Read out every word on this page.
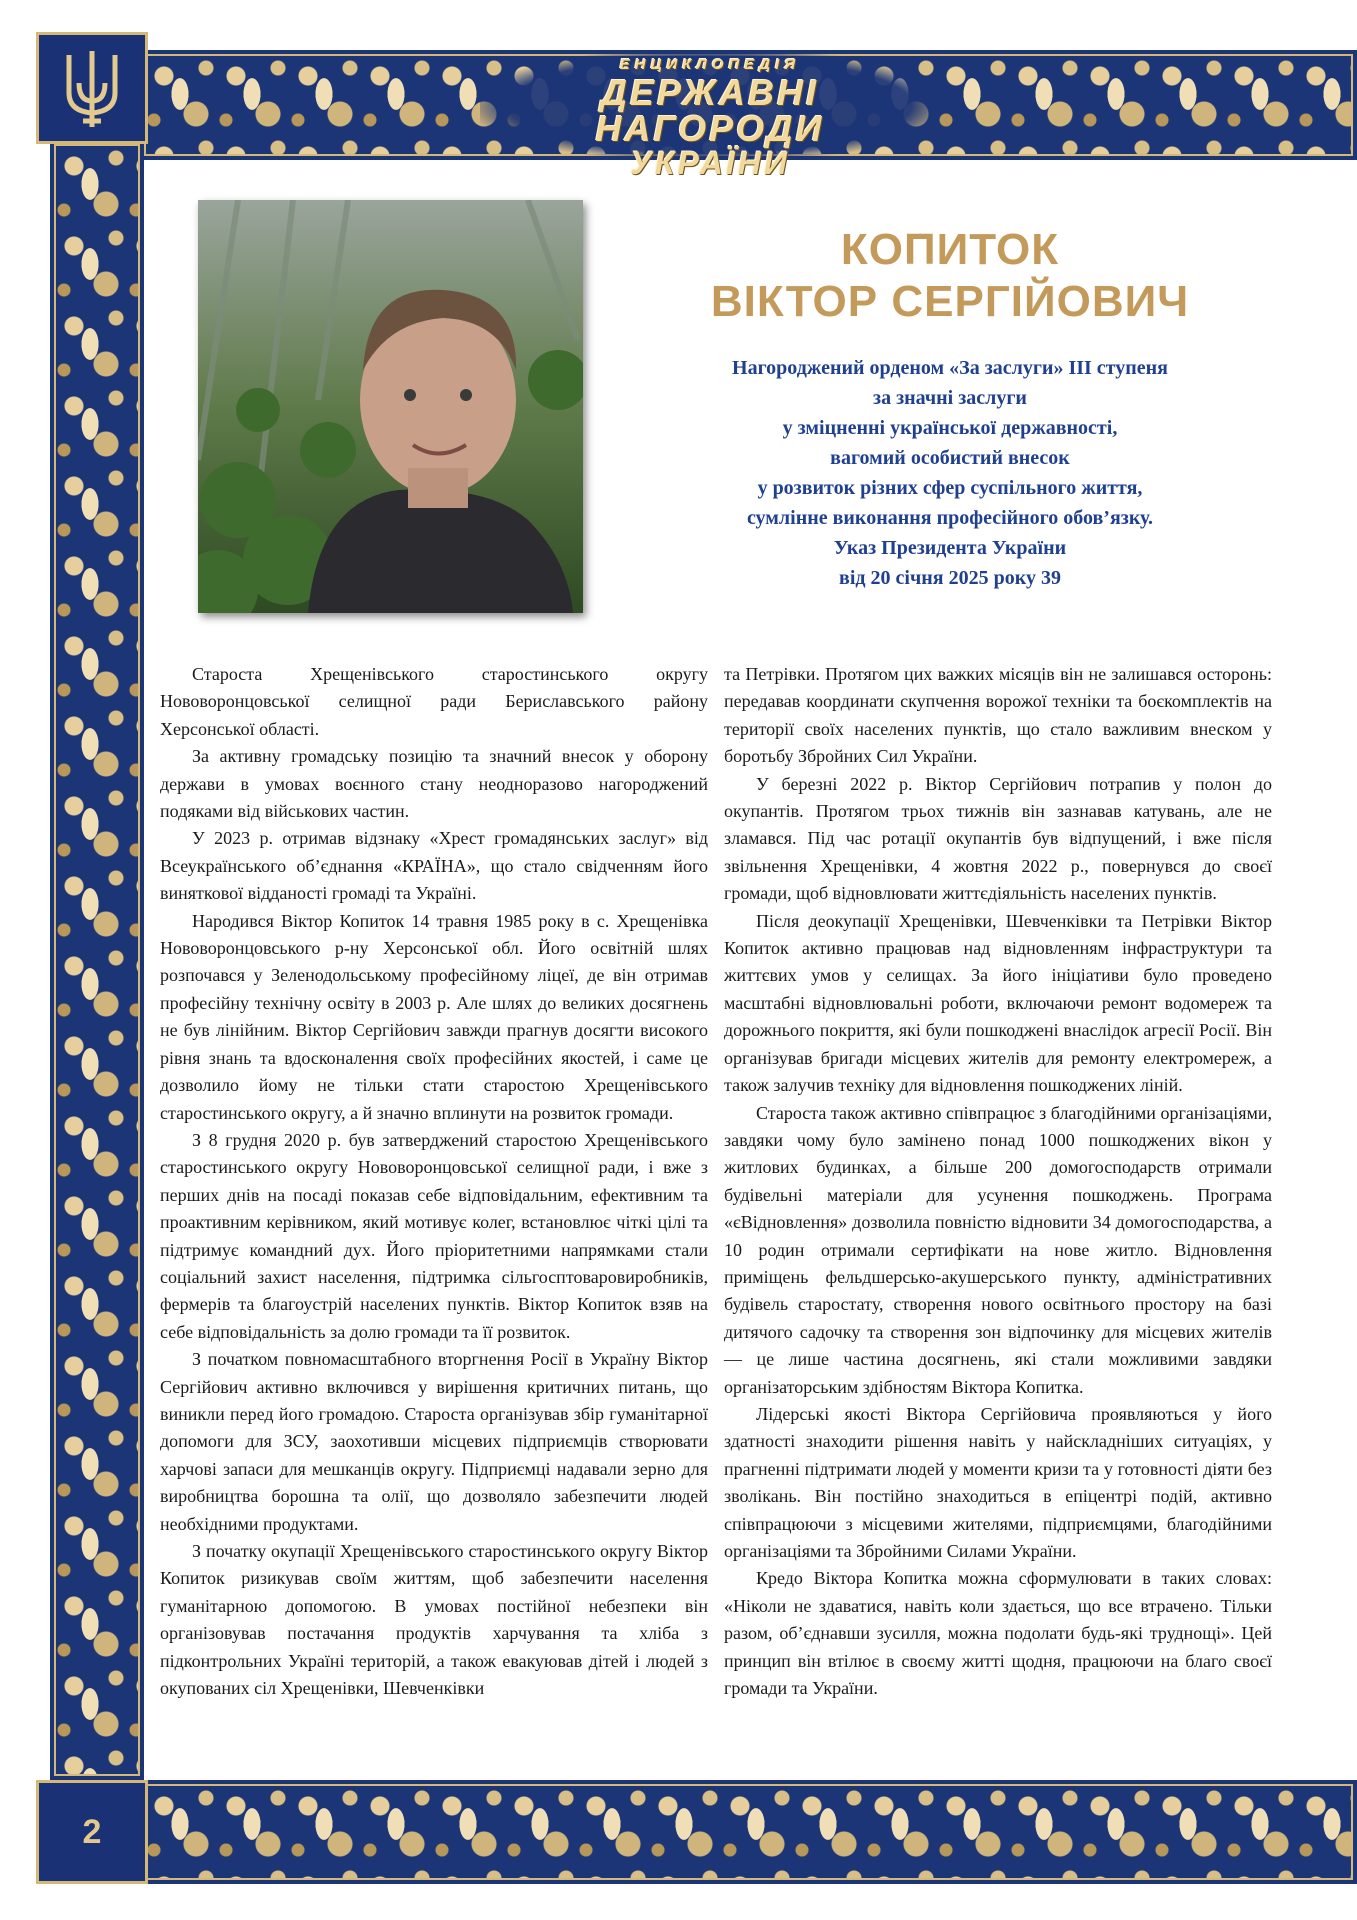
ЕНЦИКЛОПЕДІЯ
ДЕРЖАВНІ НАГОРОДИ
УКРАЇНИ
КОПИТОК
ВІКТОР СЕРГІЙОВИЧ
Нагороджений орденом «За заслуги» III ступеня
за значні заслуги
у зміцненні української державності,
вагомий особистий внесок
у розвиток різних сфер суспільного життя,
сумлінне виконання професійного обов’язку.
Указ Президента України
від 20 січня 2025 року 39

Староста Хрещенівського старостинського округу Нововоронцовської селищної ради Бериславського району Херсонської області.

За активну громадську позицію та значний внесок у оборону держави в умовах воєнного стану неодноразово нагороджений подяками від військових частин.

У 2023 р. отримав відзнаку «Хрест громадянських заслуг» від Всеукраїнського об’єднання «КРАЇНА», що стало свідченням його виняткової відданості громаді та Україні.

Народився Віктор Копиток 14 травня 1985 року в с. Хрещенівка Нововоронцовського р-ну Херсонської обл. Його освітній шлях розпочався у Зеленодольському професійному ліцеї, де він отримав професійну технічну освіту в 2003 р. Але шлях до великих досягнень не був лінійним. Віктор Сергійович завжди прагнув досягти високого рівня знань та вдосконалення своїх професійних якостей, і саме це дозволило йому не тільки стати старостою Хрещенівського старостинського округу, а й значно вплинути на розвиток громади.

З 8 грудня 2020 р. був затверджений старостою Хрещенівського старостинського округу Нововоронцовської селищної ради, і вже з перших днів на посаді показав себе відповідальним, ефективним та проактивним керівником, який мотивує колег, встановлює чіткі цілі та підтримує командний дух. Його пріоритетними напрямками стали соціальний захист населення, підтримка сільгосптоваровиробників, фермерів та благоустрій населених пунктів. Віктор Копиток взяв на себе відповідальність за долю громади та її розвиток.

З початком повномасштабного вторгнення Росії в Україну Віктор Сергійович активно включився у вирішення критичних питань, що виникли перед його громадою. Староста організував збір гуманітарної допомоги для ЗСУ, заохотивши місцевих підприємців створювати харчові запаси для мешканців округу. Підприємці надавали зерно для виробництва борошна та олії, що дозволяло забезпечити людей необхідними продуктами.

З початку окупації Хрещенівського старостинського округу Віктор Копиток ризикував своїм життям, щоб забезпечити населення гуманітарною допомогою. В умовах постійної небезпеки він організовував постачання продуктів харчування та хліба з підконтрольних Україні територій, а також евакуював дітей і людей з окупованих сіл Хрещенівки, Шевченківки

та Петрівки. Протягом цих важких місяців він не залишався осторонь: передавав координати скупчення ворожої техніки та боєкомплектів на території своїх населених пунктів, що стало важливим внеском у боротьбу Збройних Сил України.

У березні 2022 р. Віктор Сергійович потрапив у полон до окупантів. Протягом трьох тижнів він зазнавав катувань, але не зламався. Під час ротації окупантів був відпущений, і вже після звільнення Хрещенівки, 4 жовтня 2022 р., повернувся до своєї громади, щоб відновлювати життєдіяльність населених пунктів.

Після деокупації Хрещенівки, Шевченківки та Петрівки Віктор Копиток активно працював над відновленням інфраструктури та життєвих умов у селищах. За його ініціативи було проведено масштабні відновлювальні роботи, включаючи ремонт водомереж та дорожнього покриття, які були пошкоджені внаслідок агресії Росії. Він організував бригади місцевих жителів для ремонту електромереж, а також залучив техніку для відновлення пошкоджених ліній.

Староста також активно співпрацює з благодійними організаціями, завдяки чому було замінено понад 1000 пошкоджених вікон у житлових будинках, а більше 200 домогосподарств отримали будівельні матеріали для усунення пошкоджень. Програма «єВідновлення» дозволила повністю відновити 34 домогосподарства, а 10 родин отримали сертифікати на нове житло. Відновлення приміщень фельдшерсько-акушерського пункту, адміністративних будівель старостату, створення нового освітнього простору на базі дитячого садочку та створення зон відпочинку для місцевих жителів — це лише частина досягнень, які стали можливими завдяки організаторським здібностям Віктора Копитка.

Лідерські якості Віктора Сергійовича проявляються у його здатності знаходити рішення навіть у найскладніших ситуаціях, у прагненні підтримати людей у моменти кризи та у готовності діяти без зволікань. Він постійно знаходиться в епіцентрі подій, активно співпрацюючи з місцевими жителями, підприємцями, благодійними організаціями та Збройними Силами України.

Кредо Віктора Копитка можна сформулювати в таких словах: «Ніколи не здаватися, навіть коли здається, що все втрачено. Тільки разом, об’єднавши зусилля, можна подолати будь-які труднощі». Цей принцип він втілює в своєму житті щодня, працюючи на благо своєї громади та України.

2
